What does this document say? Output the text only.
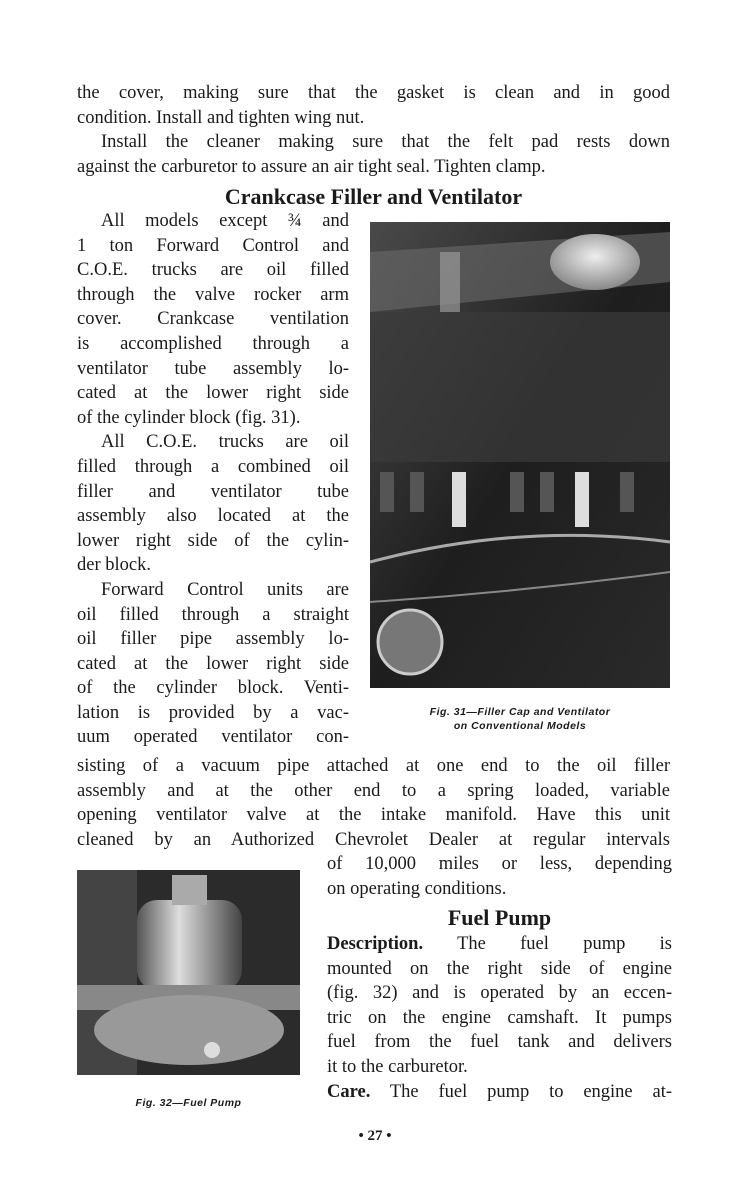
the cover, making sure that the gasket is clean and in good
condition. Install and tighten wing nut.
Install the cleaner making sure that the felt pad rests down
against the carburetor to assure an air tight seal. Tighten clamp.
Crankcase Filler and Ventilator
All models except ¾ and
1 ton Forward Control and
C.O.E. trucks are oil filled
through the valve rocker arm
cover. Crankcase ventilation
is accomplished through a
ventilator tube assembly lo-
cated at the lower right side
of the cylinder block (fig. 31).
All C.O.E. trucks are oil
filled through a combined oil
filler and ventilator tube
assembly also located at the
lower right side of the cylin-
der block.
Forward Control units are
oil filled through a straight
oil filler pipe assembly lo-
cated at the lower right side
of the cylinder block. Venti-
lation is provided by a vac-
uum operated ventilator con-
Fig. 31—Filler Cap and Ventilator
on Conventional Models
sisting of a vacuum pipe attached at one end to the oil filler
assembly and at the other end to a spring loaded, variable
opening ventilator valve at the intake manifold. Have this unit
cleaned by an Authorized Chevrolet Dealer at regular intervals
of 10,000 miles or less, depending
on operating conditions.
Fuel Pump
Description. The fuel pump is
mounted on the right side of engine
(fig. 32) and is operated by an eccen-
tric on the engine camshaft. It pumps
fuel from the fuel tank and delivers
it to the carburetor.
Care. The fuel pump to engine at-
Fig. 32—Fuel Pump
• 27 •
